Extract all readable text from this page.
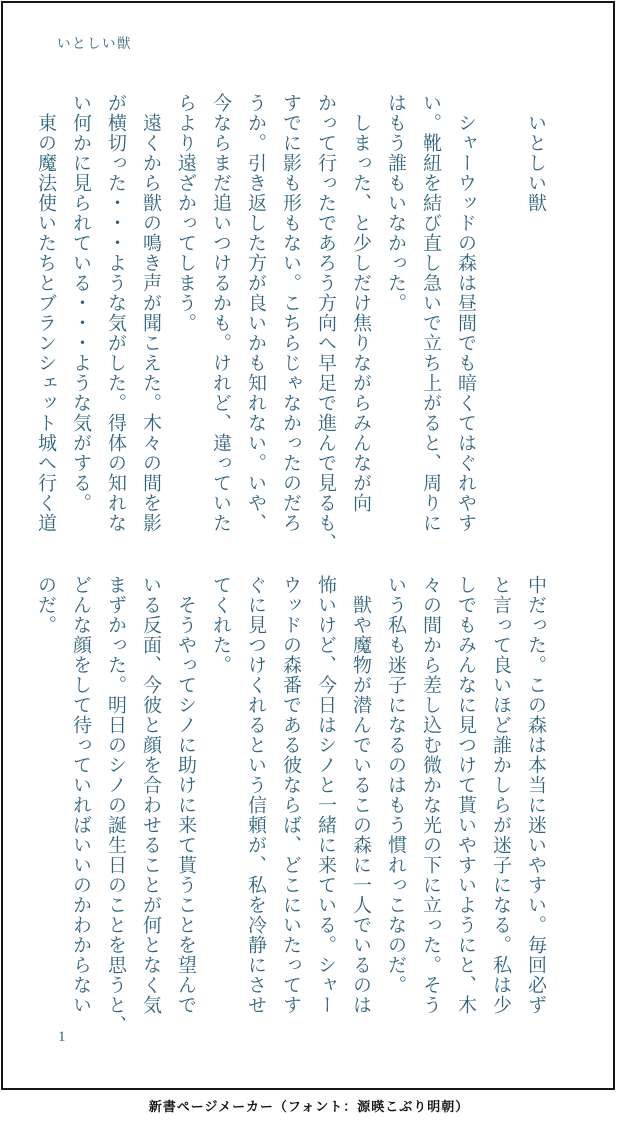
いとしい獣
　いとしい獣

　シャーウッドの森は昼間でも暗くてはぐれやす
い。靴紐を結び直し急いで立ち上がると、周りに
はもう誰もいなかった。
　しまった、と少しだけ焦りながらみんなが向
かって行ったであろう方向へ早足で進んで見るも、
すでに影も形もない。こちらじゃなかったのだろ
うか。引き返した方が良いかも知れない。いや、
今ならまだ追いつけるかも。けれど、違っていた
らより遠ざかってしまう。
　遠くから獣の鳴き声が聞こえた。木々の間を影
が横切った・・・ような気がした。得体の知れな
い何かに見られている・・・ような気がする。
　東の魔法使いたちとブランシェット城へ行く道
中だった。この森は本当に迷いやすい。毎回必ず
と言って良いほど誰かしらが迷子になる。私は少
しでもみんなに見つけて貰いやすいようにと、木
々の間から差し込む微かな光の下に立った。そう
いう私も迷子になるのはもう慣れっこなのだ。
　獣や魔物が潜んでいるこの森に一人でいるのは
怖いけど、今日はシノと一緒に来ている。シャー
ウッドの森番である彼ならば、どこにいたってす
ぐに見つけくれるという信頼が、私を冷静にさせ
てくれた。
　そうやってシノに助けに来て貰うことを望んで
いる反面、今彼と顔を合わせることが何となく気
まずかった。明日のシノの誕生日のことを思うと、
どんな顔をして待っていればいいのかわからない
のだ。
1
新書ページメーカー（フォント：源暎こぶり明朝）
